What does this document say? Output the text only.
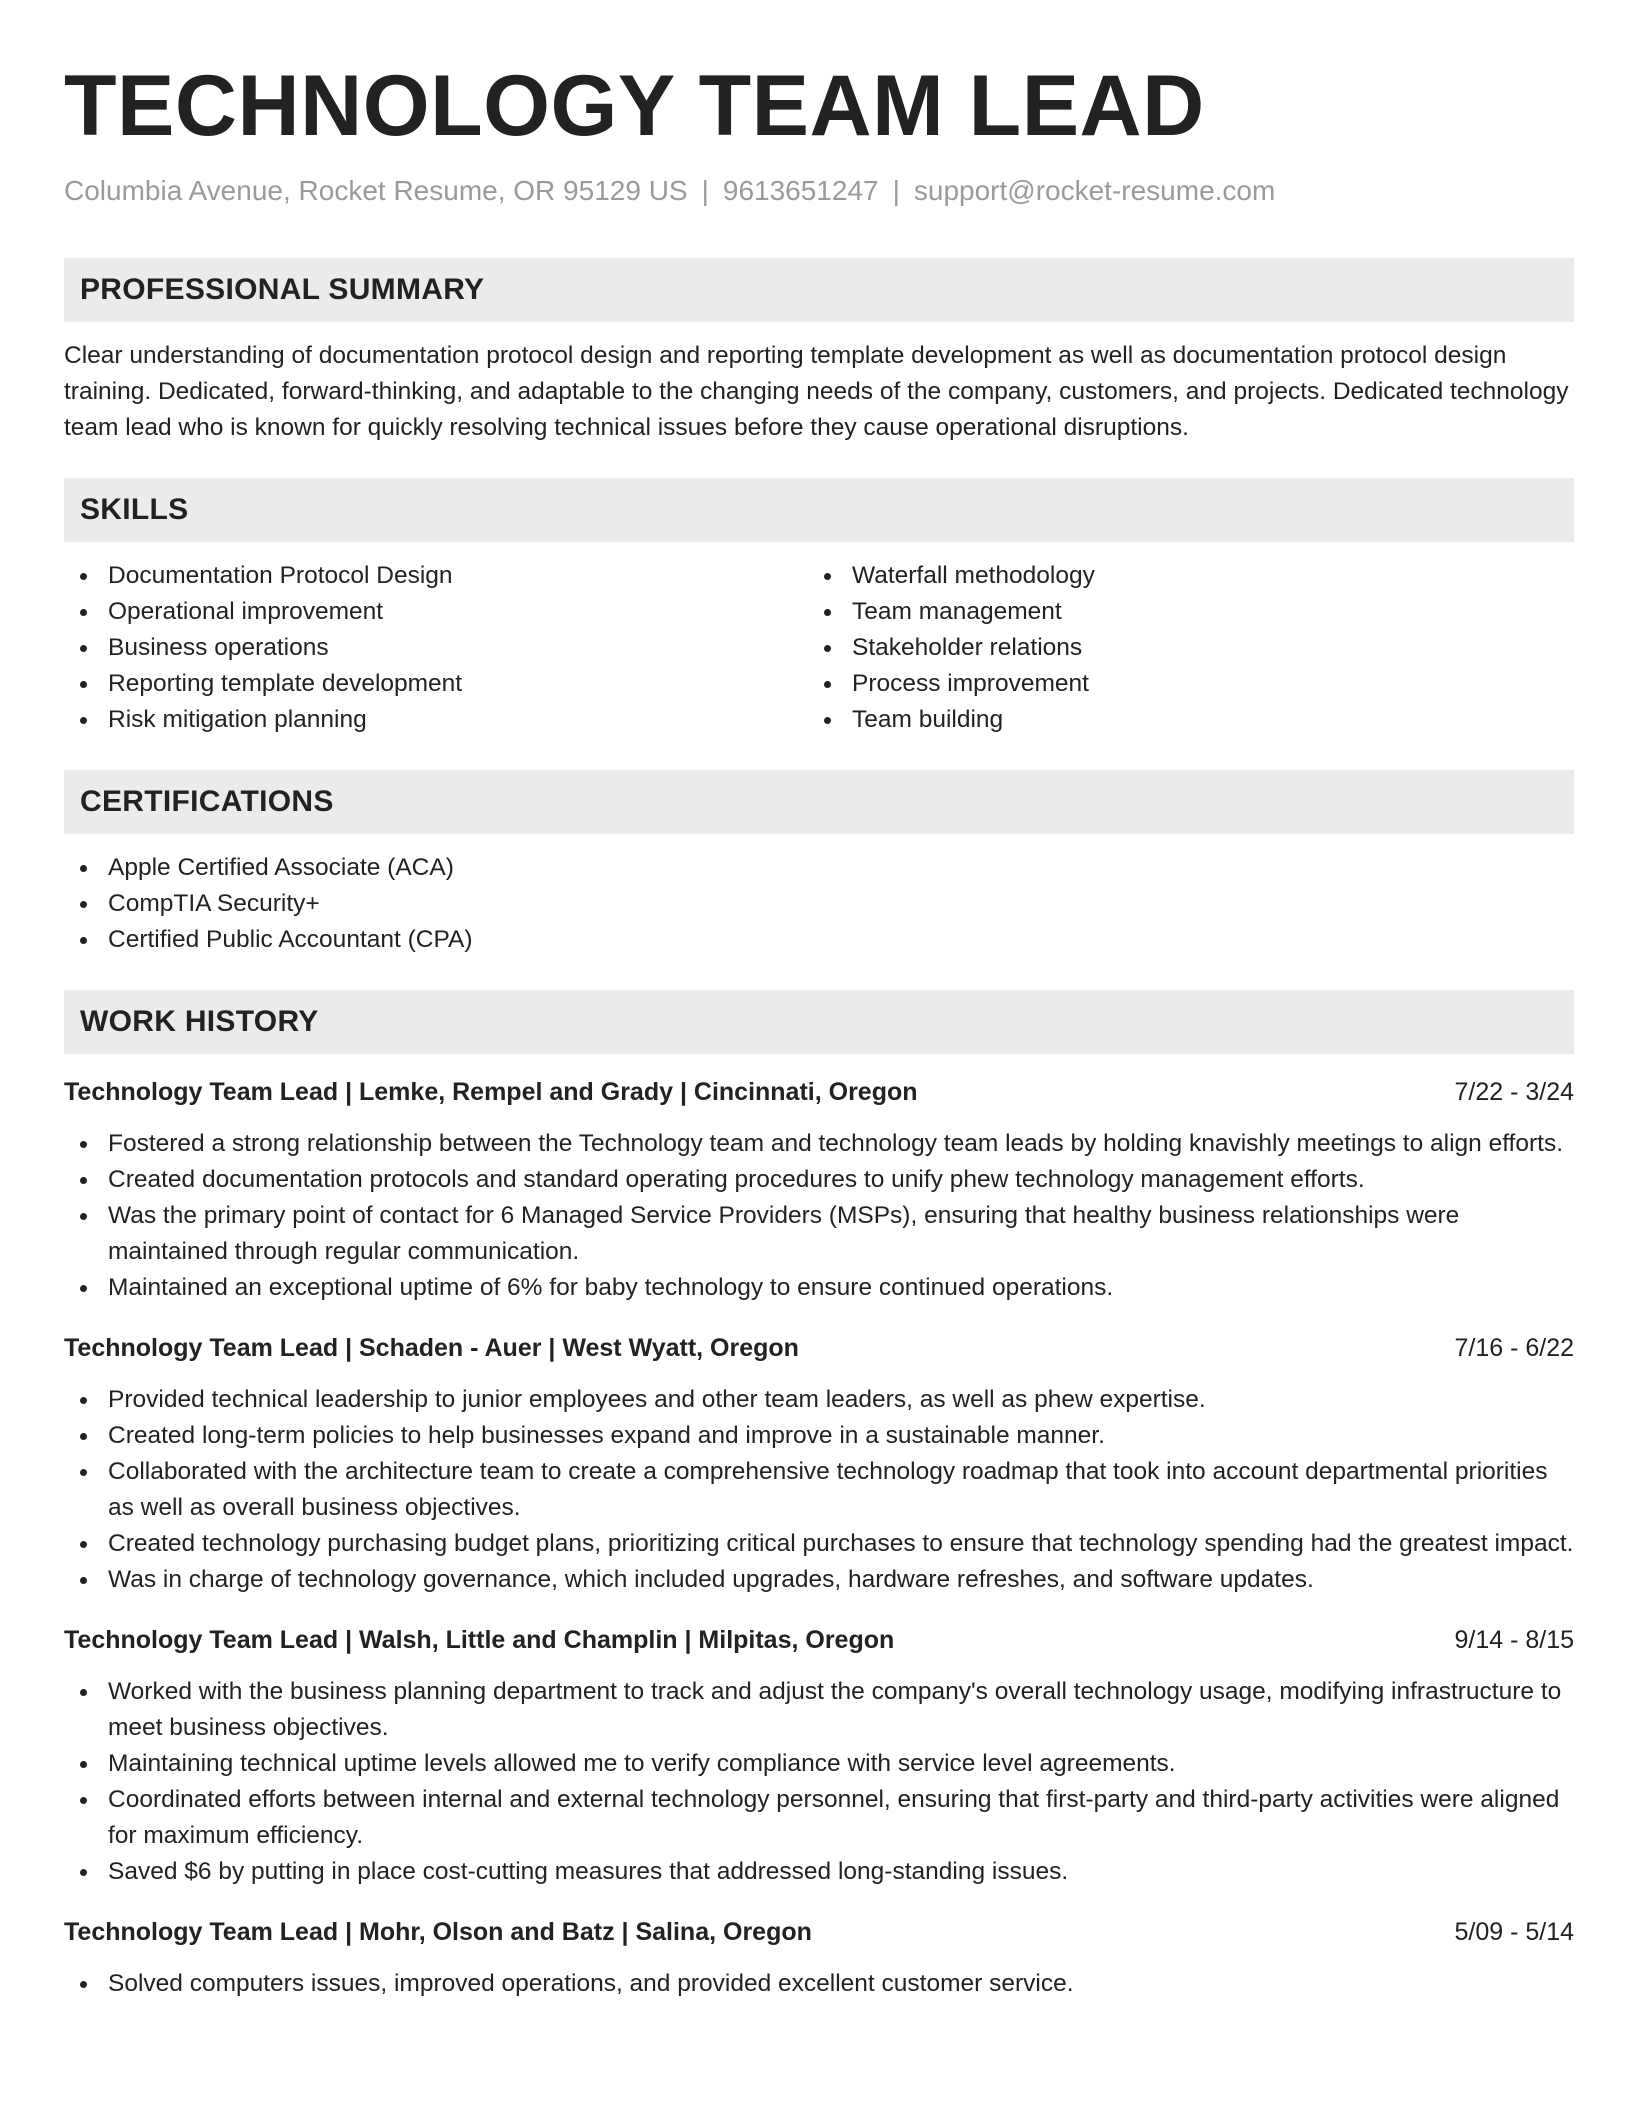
TECHNOLOGY TEAM LEAD
Columbia Avenue, Rocket Resume, OR 95129 US | 9613651247 | support@rocket-resume.com
PROFESSIONAL SUMMARY

Clear understanding of documentation protocol design and reporting template development as well as documentation protocol design training. Dedicated, forward-thinking, and adaptable to the changing needs of the company, customers, and projects. Dedicated technology team lead who is known for quickly resolving technical issues before they cause operational disruptions.

SKILLS
Documentation Protocol Design
Operational improvement
Business operations
Reporting template development
Risk mitigation planning
Waterfall methodology
Team management
Stakeholder relations
Process improvement
Team building
CERTIFICATIONS
Apple Certified Associate (ACA)
CompTIA Security+
Certified Public Accountant (CPA)
WORK HISTORY
Technology Team Lead | Lemke, Rempel and Grady | Cincinnati, Oregon	7/22 - 3/24
Fostered a strong relationship between the Technology team and technology team leads by holding knavishly meetings to align efforts.
Created documentation protocols and standard operating procedures to unify phew technology management efforts.
Was the primary point of contact for 6 Managed Service Providers (MSPs), ensuring that healthy business relationships were maintained through regular communication.
Maintained an exceptional uptime of 6% for baby technology to ensure continued operations.
Technology Team Lead | Schaden - Auer | West Wyatt, Oregon	7/16 - 6/22
Provided technical leadership to junior employees and other team leaders, as well as phew expertise.
Created long-term policies to help businesses expand and improve in a sustainable manner.
Collaborated with the architecture team to create a comprehensive technology roadmap that took into account departmental priorities as well as overall business objectives.
Created technology purchasing budget plans, prioritizing critical purchases to ensure that technology spending had the greatest impact.
Was in charge of technology governance, which included upgrades, hardware refreshes, and software updates.
Technology Team Lead | Walsh, Little and Champlin | Milpitas, Oregon	9/14 - 8/15
Worked with the business planning department to track and adjust the company's overall technology usage, modifying infrastructure to meet business objectives.
Maintaining technical uptime levels allowed me to verify compliance with service level agreements.
Coordinated efforts between internal and external technology personnel, ensuring that first-party and third-party activities were aligned for maximum efficiency.
Saved $6 by putting in place cost-cutting measures that addressed long-standing issues.
Technology Team Lead | Mohr, Olson and Batz | Salina, Oregon	5/09 - 5/14
Solved computers issues, improved operations, and provided excellent customer service.
